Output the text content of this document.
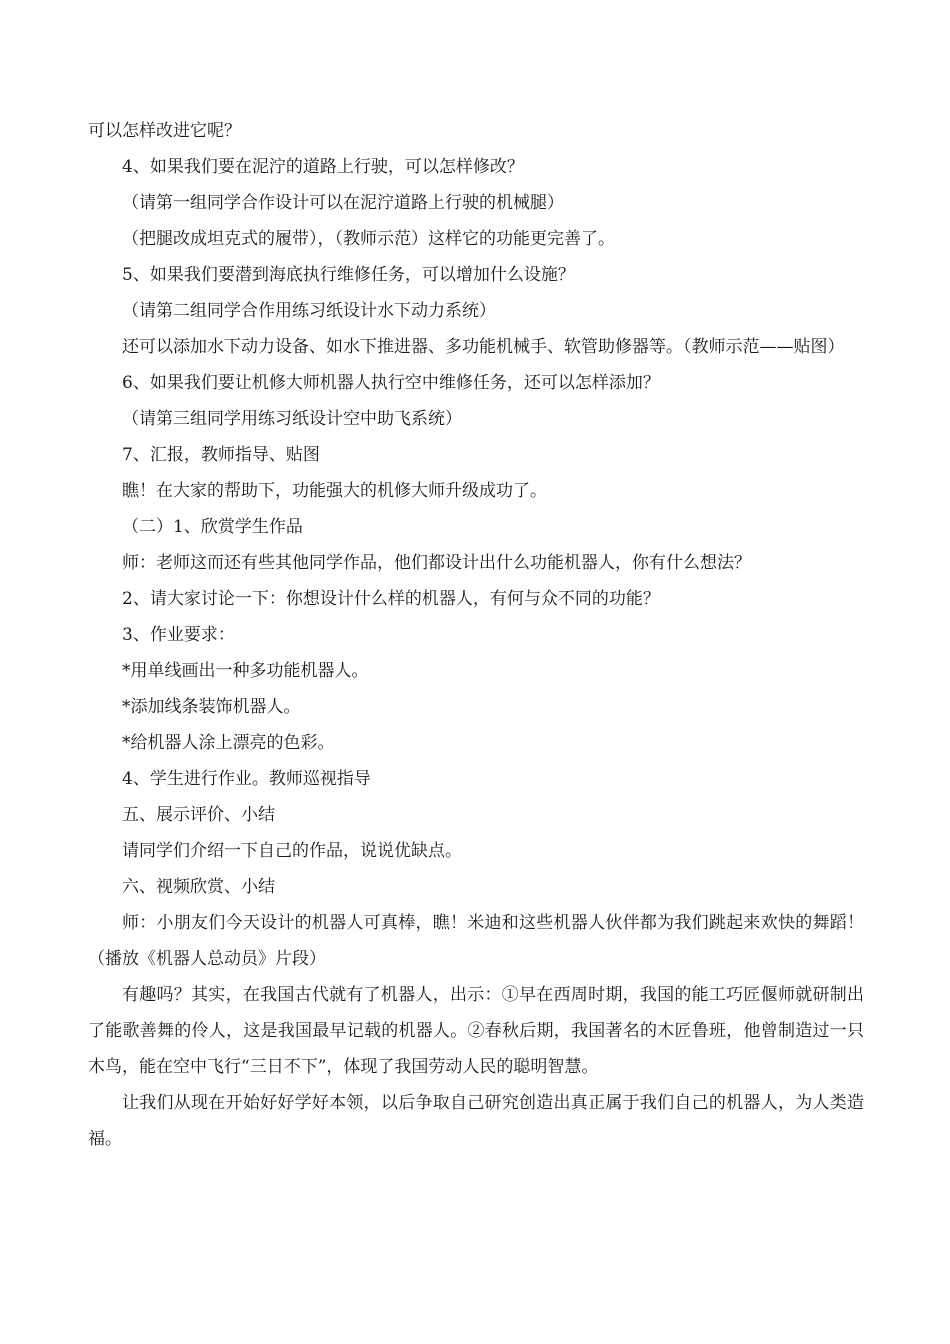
可以怎样改进它呢？

4、如果我们要在泥泞的道路上行驶，可以怎样修改？

（请第一组同学合作设计可以在泥泞道路上行驶的机械腿）

（把腿改成坦克式的履带），（教师示范）这样它的功能更完善了。

5、如果我们要潜到海底执行维修任务，可以增加什么设施？

（请第二组同学合作用练习纸设计水下动力系统）

还可以添加水下动力设备、如水下推进器、多功能机械手、软管助修器等。（教师示范——贴图）

6、如果我们要让机修大师机器人执行空中维修任务，还可以怎样添加？

（请第三组同学用练习纸设计空中助飞系统）

7、汇报，教师指导、贴图

瞧！在大家的帮助下，功能强大的机修大师升级成功了。

（二）1、欣赏学生作品

师：老师这而还有些其他同学作品，他们都设计出什么功能机器人，你有什么想法？

2、请大家讨论一下：你想设计什么样的机器人，有何与众不同的功能？

3、作业要求：

*用单线画出一种多功能机器人。

*添加线条装饰机器人。

*给机器人涂上漂亮的色彩。

4、学生进行作业。教师巡视指导

五、展示评价、小结

请同学们介绍一下自己的作品，说说优缺点。

六、视频欣赏、小结

师：小朋友们今天设计的机器人可真棒，瞧！米迪和这些机器人伙伴都为我们跳起来欢快的舞蹈！（播放《机器人总动员》片段）

有趣吗？其实，在我国古代就有了机器人，出示：①早在西周时期，我国的能工巧匠偃师就研制出了能歌善舞的伶人，这是我国最早记载的机器人。②春秋后期，我国著名的木匠鲁班，他曾制造过一只木鸟，能在空中飞行“三日不下”，体现了我国劳动人民的聪明智慧。

让我们从现在开始好好学好本领，以后争取自己研究创造出真正属于我们自己的机器人，为人类造福。
